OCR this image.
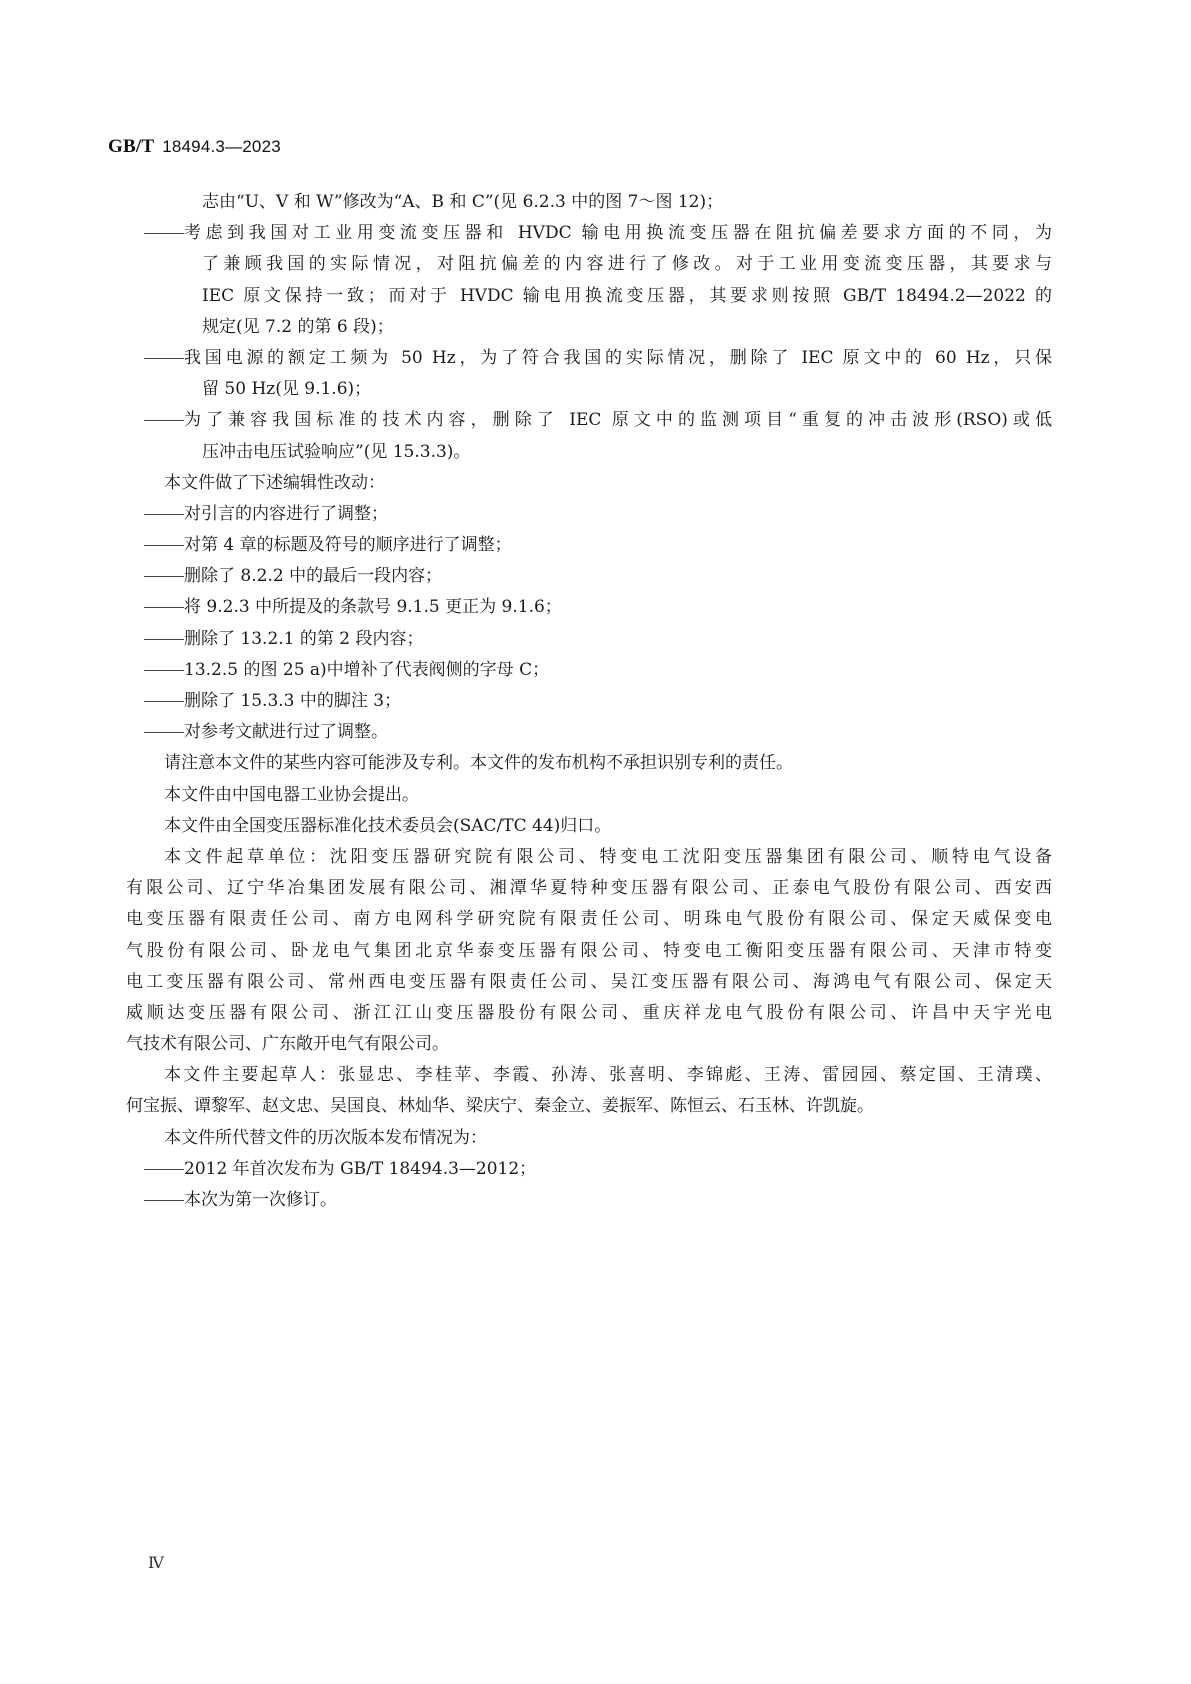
GB/T 18494.3—2023
志由“U、V 和 W”修改为“A、B 和 C”(见 6.2.3 中的图 7～图 12)；
考虑到我国对工业用变流变压器和 HVDC 输电用换流变压器在阻抗偏差要求方面的不同，为
了兼顾我国的实际情况，对阻抗偏差的内容进行了修改。对于工业用变流变压器，其要求与
IEC 原文保持一致；而对于 HVDC 输电用换流变压器，其要求则按照 GB/T 18494.2—2022 的
规定(见 7.2 的第 6 段)；
我国电源的额定工频为 50 Hz，为了符合我国的实际情况，删除了 IEC 原文中的 60 Hz，只保
留 50 Hz(见 9.1.6)；
为了兼容我国标准的技术内容，删除了 IEC 原文中的监测项目“重复的冲击波形(RSO)或低
压冲击电压试验响应”(见 15.3.3)。
本文件做了下述编辑性改动：
对引言的内容进行了调整；
对第 4 章的标题及符号的顺序进行了调整；
删除了 8.2.2 中的最后一段内容；
将 9.2.3 中所提及的条款号 9.1.5 更正为 9.1.6；
删除了 13.2.1 的第 2 段内容；
13.2.5 的图 25 a)中增补了代表阀侧的字母 C；
删除了 15.3.3 中的脚注 3；
对参考文献进行过了调整。
请注意本文件的某些内容可能涉及专利。本文件的发布机构不承担识别专利的责任。
本文件由中国电器工业协会提出。
本文件由全国变压器标准化技术委员会(SAC/TC 44)归口。
本文件起草单位：沈阳变压器研究院有限公司、特变电工沈阳变压器集团有限公司、顺特电气设备
有限公司、辽宁华冶集团发展有限公司、湘潭华夏特种变压器有限公司、正泰电气股份有限公司、西安西
电变压器有限责任公司、南方电网科学研究院有限责任公司、明珠电气股份有限公司、保定天威保变电
气股份有限公司、卧龙电气集团北京华泰变压器有限公司、特变电工衡阳变压器有限公司、天津市特变
电工变压器有限公司、常州西电变压器有限责任公司、吴江变压器有限公司、海鸿电气有限公司、保定天
威顺达变压器有限公司、浙江江山变压器股份有限公司、重庆祥龙电气股份有限公司、许昌中天宇光电
气技术有限公司、广东敞开电气有限公司。
本文件主要起草人：张显忠、李桂苹、李霞、孙涛、张喜明、李锦彪、王涛、雷园园、蔡定国、王清璞、
何宝振、谭黎军、赵文忠、吴国良、林灿华、梁庆宁、秦金立、姜振军、陈恒云、石玉林、许凯旋。
本文件所代替文件的历次版本发布情况为：
2012 年首次发布为 GB/T 18494.3—2012；
本次为第一次修订。
Ⅳ
